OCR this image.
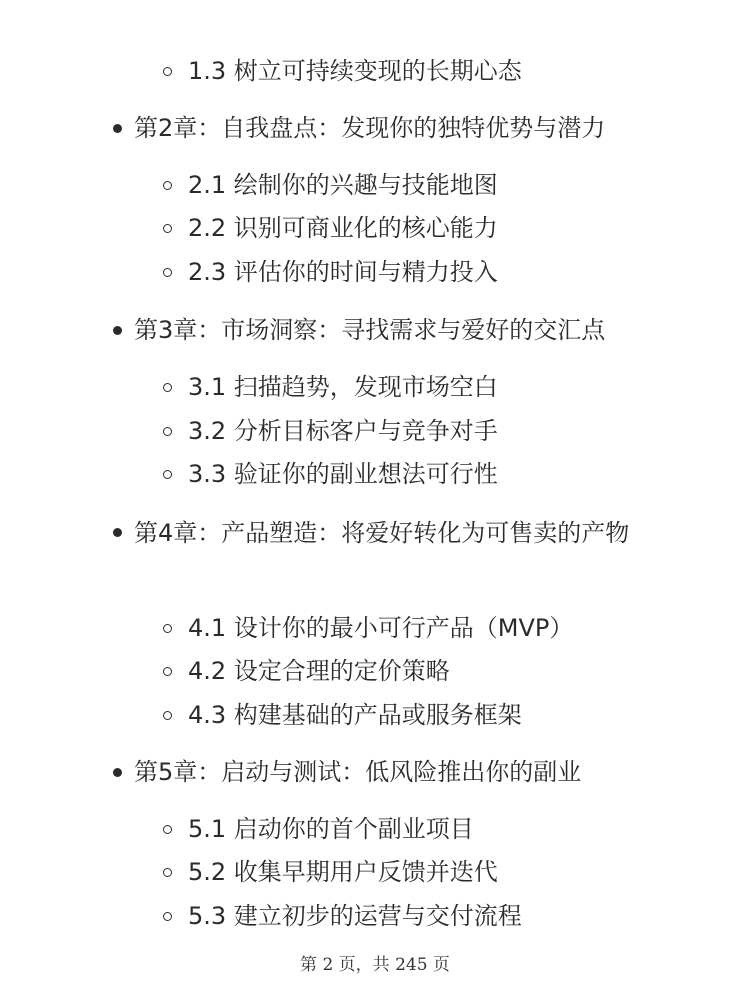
1.3 树立可持续变现的长期心态
第2章：自我盘点：发现你的独特优势与潜力
2.1 绘制你的兴趣与技能地图
2.2 识别可商业化的核心能力
2.3 评估你的时间与精力投入
第3章：市场洞察：寻找需求与爱好的交汇点
3.1 扫描趋势，发现市场空白
3.2 分析目标客户与竞争对手
3.3 验证你的副业想法可行性
第4章：产品塑造：将爱好转化为可售卖的产物
4.1 设计你的最小可行产品（MVP）
4.2 设定合理的定价策略
4.3 构建基础的产品或服务框架
第5章：启动与测试：低风险推出你的副业
5.1 启动你的首个副业项目
5.2 收集早期用户反馈并迭代
5.3 建立初步的运营与交付流程
第 2 页，共 245 页
